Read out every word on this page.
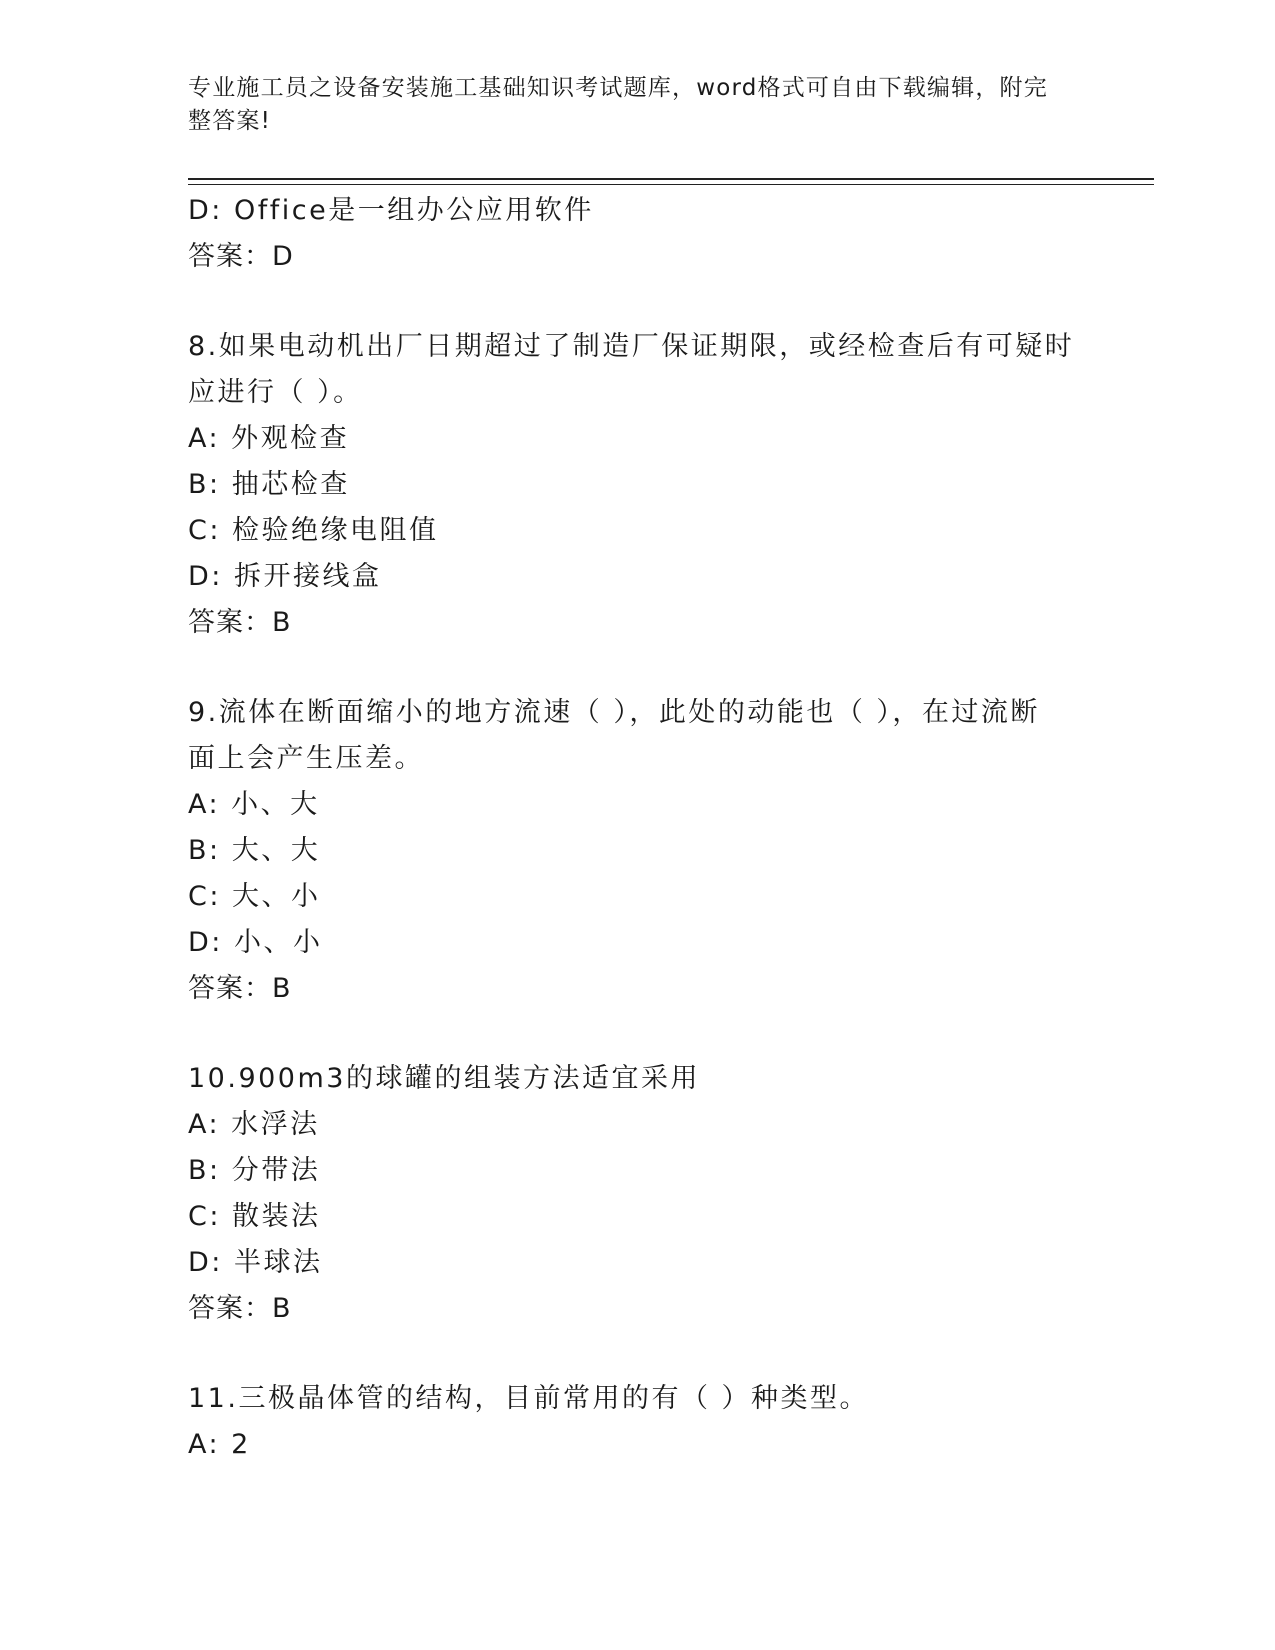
专业施工员之设备安装施工基础知识考试题库，word格式可自由下载编辑，附完
整答案!
D: Office是一组办公应用软件
答案：D
8.如果电动机出厂日期超过了制造厂保证期限，或经检查后有可疑时
应进行（ ）。
A: 外观检查
B: 抽芯检查
C: 检验绝缘电阻值
D: 拆开接线盒
答案：B
9.流体在断面缩小的地方流速（ ），此处的动能也（ ），在过流断
面上会产生压差。
A: 小、大
B: 大、大
C: 大、小
D: 小、小
答案：B
10.900m3的球罐的组装方法适宜采用
A: 水浮法
B: 分带法
C: 散装法
D: 半球法
答案：B
11.三极晶体管的结构，目前常用的有（ ）种类型。
A: 2
